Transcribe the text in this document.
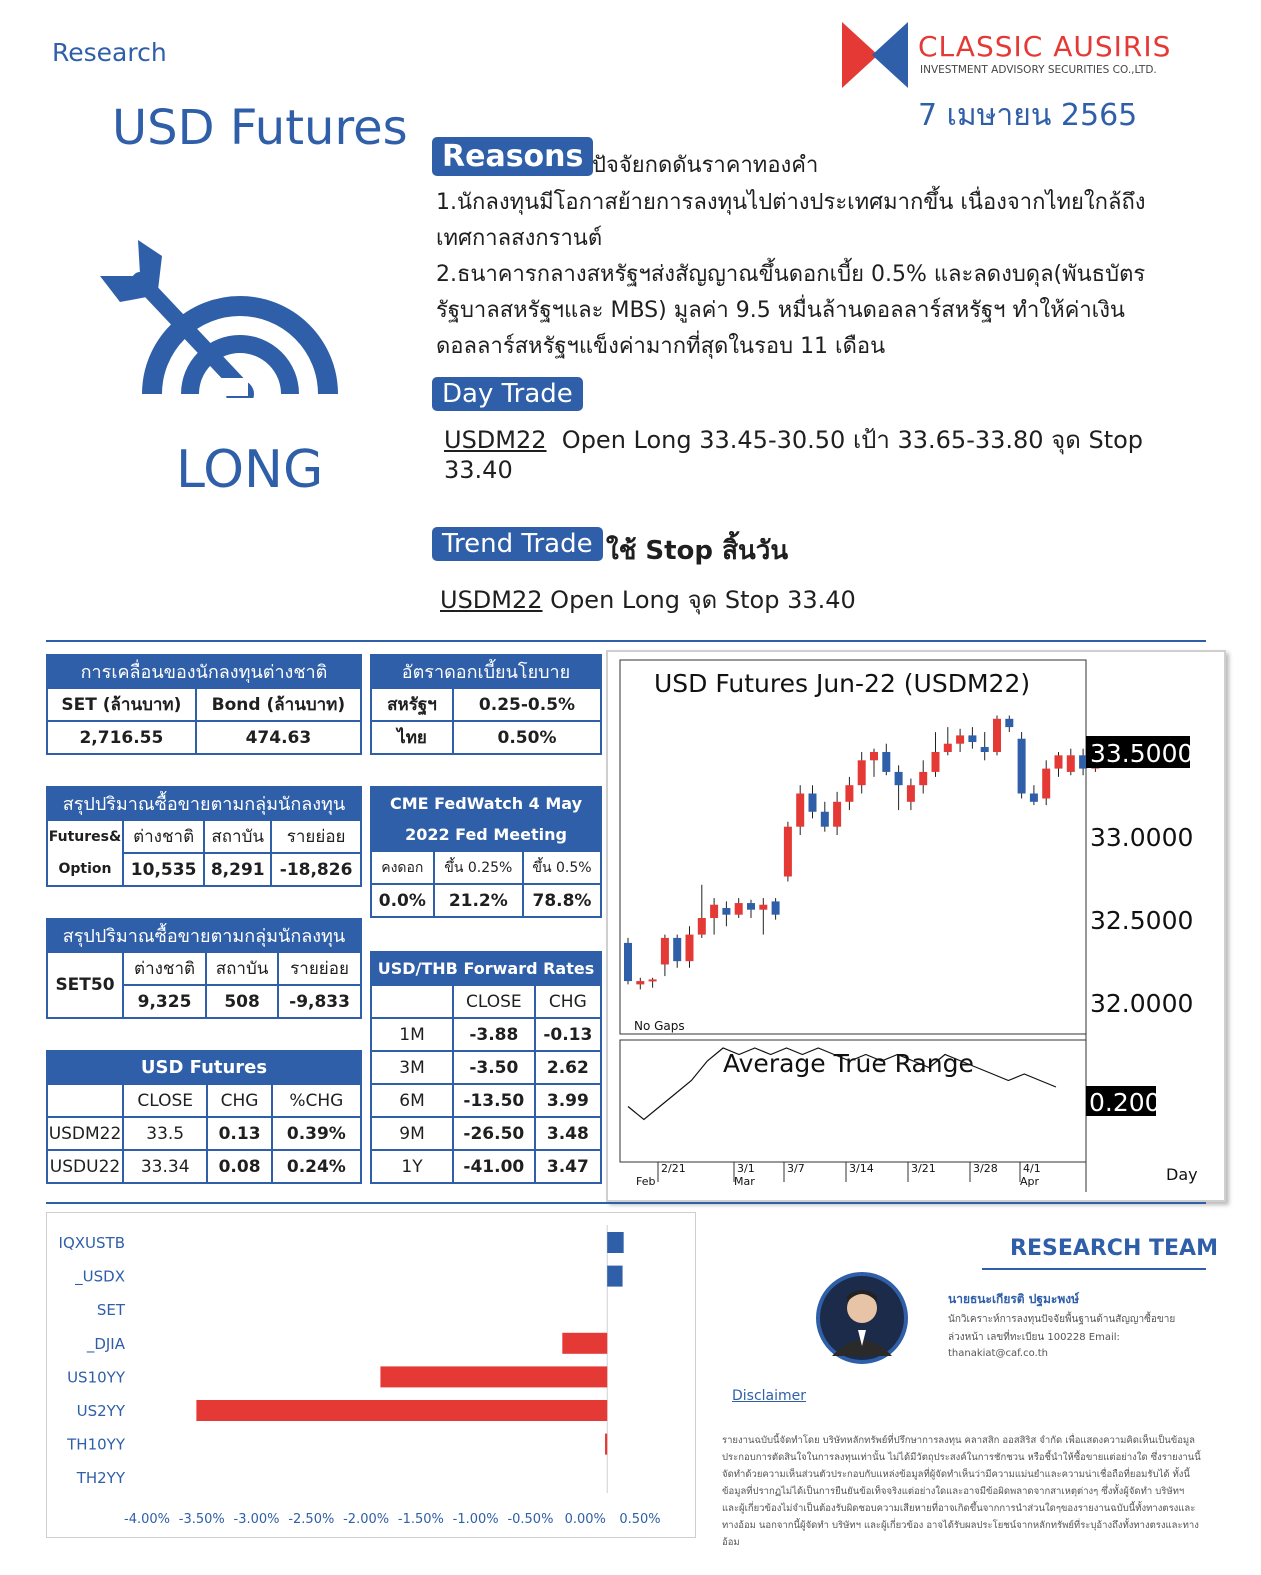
Research
USD Futures
LONG
CLASSIC AUSIRIS
INVESTMENT ADVISORY SECURITIES CO.,LTD.
7 เมษายน 2565
Reasons ปัจจัยกดดันราคาทองคำ
1.นักลงทุนมีโอกาสย้ายการลงทุนไปต่างประเทศมากขึ้น เนื่องจากไทยใกล้ถึง
เทศกาลสงกรานต์
2.ธนาคารกลางสหรัฐฯส่งสัญญาณขึ้นดอกเบี้ย 0.5% และลดงบดุล(พันธบัตร
รัฐบาลสหรัฐฯและ MBS) มูลค่า 9.5 หมื่นล้านดอลลาร์สหรัฐฯ ทำให้ค่าเงิน
ดอลลาร์สหรัฐฯแข็งค่ามากที่สุดในรอบ 11 เดือน
Day Trade
USDM22 Open Long 33.45-30.50 เป้า 33.65-33.80 จุด Stop
33.40
Trend Trade ใช้ Stop สิ้นวัน
USDM22 Open Long จุด Stop 33.40
การเคลื่อนของนักลงทุนต่างชาติ	
SET (ล้านบาท)	Bond (ล้านบาท)
2,716.55	474.63
อัตราดอกเบี้ยนโยบาย	
สหรัฐฯ	0.25-0.5%
ไทย	0.50%
สรุปปริมาณซื้อขายตามกลุ่มนักลงทุน			
Futures&	ต่างชาติ	สถาบัน	รายย่อย
Option	10,535	8,291	-18,826
CME FedWatch 4 May		
2022 Fed Meeting		
คงดอก	ขึ้น 0.25%	ขึ้น 0.5%
0.0%	21.2%	78.8%
สรุปปริมาณซื้อขายตามกลุ่มนักลงทุน			
SET50	ต่างชาติ	สถาบัน	รายย่อย
	9,325	508	-9,833
USD/THB Forward Rates		
	CLOSE	CHG
1M	-3.88	-0.13
3M	-3.50	2.62
6M	-13.50	3.99
9M	-26.50	3.48
1Y	-41.00	3.47
USD Futures			
	CLOSE	CHG	%CHG
USDM22	33.5	0.13	0.39%
USDU22	33.34	0.08	0.24%
USD Futures Jun-22 (USDM22)
No Gaps
33.5000
33.0000
32.5000
32.0000
Average True Range
0.200
2/21	3/1	3/7	3/14	3/21	3/28 4/1
Feb	Mar	Apr	Day
IQXUSTB
_USDX
SET
_DJIA
US10YY
US2YY
TH10YY
TH2YY
-4.00% -3.50% -3.00% -2.50% -2.00% -1.50% -1.00% -0.50% 0.00% 0.50%
RESEARCH TEAM
นายธนะเกียรติ ปฐมะพงษ์
นักวิเคราะห์การลงทุนปัจจัยพื้นฐานด้านสัญญาซื้อขาย
ล่วงหน้า เลขที่ทะเบียน 100228 Email:
thanakiat@caf.co.th
Disclaimer
รายงานฉบับนี้จัดทำโดย บริษัทหลักทรัพย์ที่ปรึกษาการลงทุน คลาสสิก ออสสิริส จำกัด เพื่อแสดงความคิดเห็นเป็นข้อมูลประกอบการตัดสินใจในการลงทุนเท่านั้น ไม่ได้มีวัตถุประสงค์ในการชักชวน หรือชี้นำให้ซื้อขายแต่อย่างใด ซึ่งรายงานนี้จัดทำด้วยความเห็นส่วนตัวประกอบกับแหล่งข้อมูลที่ผู้จัดทำเห็นว่ามีความแม่นยำและความน่าเชื่อถือที่ยอมรับได้ ทั้งนี้ข้อมูลที่ปรากฏไม่ได้เป็นการยืนยันข้อเท็จจริงแต่อย่างใดและอาจมีข้อผิดพลาดจากสาเหตุต่างๆ ซึ่งทั้งผู้จัดทำ บริษัทฯ และผู้เกี่ยวข้องไม่จำเป็นต้องรับผิดชอบความเสียหายที่อาจเกิดขึ้นจากการนำส่วนใดๆของรายงานฉบับนี้ทั้งทางตรงและทางอ้อม นอกจากนี้ผู้จัดทำ บริษัทฯ และผู้เกี่ยวข้อง อาจได้รับผลประโยชน์จากหลักทรัพย์ที่ระบุอ้างถึงทั้งทางตรงและทางอ้อม
